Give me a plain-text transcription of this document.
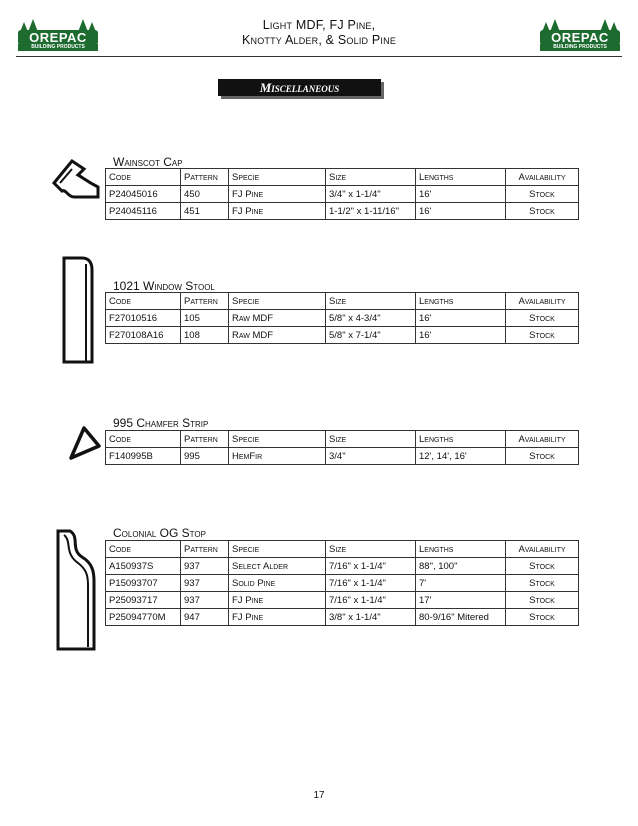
OREPAC
BUILDING PRODUCTS
OREPAC
BUILDING PRODUCTS
Light MDF, FJ Pine,
Knotty Alder, & Solid Pine
Miscellaneous
Wainscot Cap
Code	Pattern	Specie	Size	Lengths	Availability
P24045016	450	FJ Pine	3/4" x 1-1/4"	16'	Stock
P24045116	451	FJ Pine	1-1/2" x 1-11/16"	16'	Stock
1021 Window Stool
Code	Pattern	Specie	Size	Lengths	Availability
F27010516	105	Raw MDF	5/8" x 4-3/4"	16'	Stock
F270108A16	108	Raw MDF	5/8" x 7-1/4"	16'	Stock
995 Chamfer Strip
Code	Pattern	Specie	Size	Lengths	Availability
F140995B	995	HemFir	3/4"	12', 14', 16'	Stock
Colonial OG Stop
Code	Pattern	Specie	Size	Lengths	Availability
A150937S	937	Select Alder	7/16" x 1-1/4"	88", 100"	Stock
P15093707	937	Solid Pine	7/16" x 1-1/4"	7'	Stock
P25093717	937	FJ Pine	7/16" x 1-1/4"	17'	Stock
P25094770M	947	FJ Pine	3/8" x 1-1/4"	80-9/16" Mitered	Stock
17
